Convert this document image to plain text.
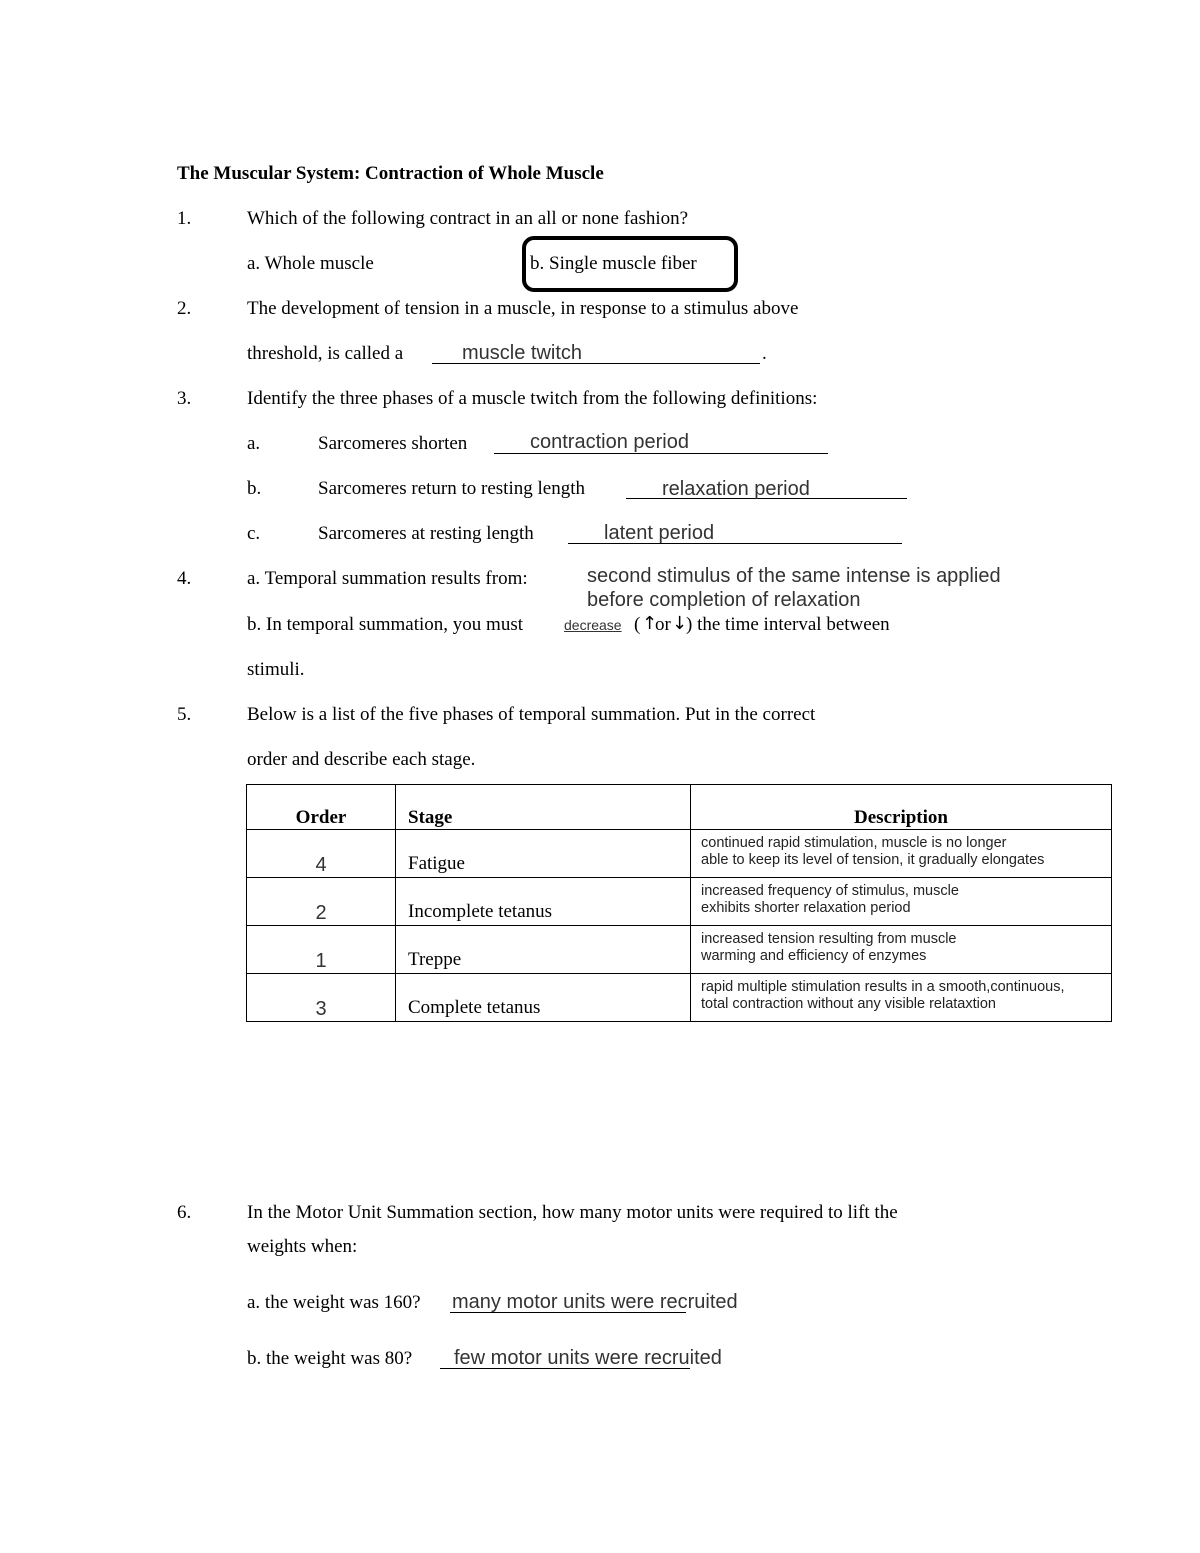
The Muscular System: Contraction of Whole Muscle
1.	Which of the following contract in an all or none fashion?
a. Whole muscle	b. Single muscle fiber
2.	The development of tension in a muscle, in response to a stimulus above
threshold, is called a	muscle twitch	.
3.	Identify the three phases of a muscle twitch from the following definitions:
a.	Sarcomeres shorten	contraction period
b.	Sarcomeres return to resting length	relaxation period
c.	Sarcomeres at resting length	latent period
4.	a. Temporal summation results from:	second stimulus of the same intense is applied
before completion of relaxation
b. In temporal summation, you must	decrease ( ↑
or ↓
) the time interval between
stimuli.
5.	Below is a list of the five phases of temporal summation. Put in the correct
order and describe each stage.
Order	Stage	Description
4	Fatigue	continued rapid stimulation, muscle is no longer
able to keep its level of tension, it gradually elongates
2	Incomplete tetanus	increased frequency of stimulus, muscle
exhibits shorter relaxation period
1	Treppe	increased tension resulting from muscle
warming and efficiency of enzymes
3	Complete tetanus	rapid multiple stimulation results in a smooth,continuous,
total contraction without any visible relataxtion
6.	In the Motor Unit Summation section, how many motor units were required to lift the
weights when:
a. the weight was 160? many motor units were recruited
b. the weight was 80? few motor units were recruited
